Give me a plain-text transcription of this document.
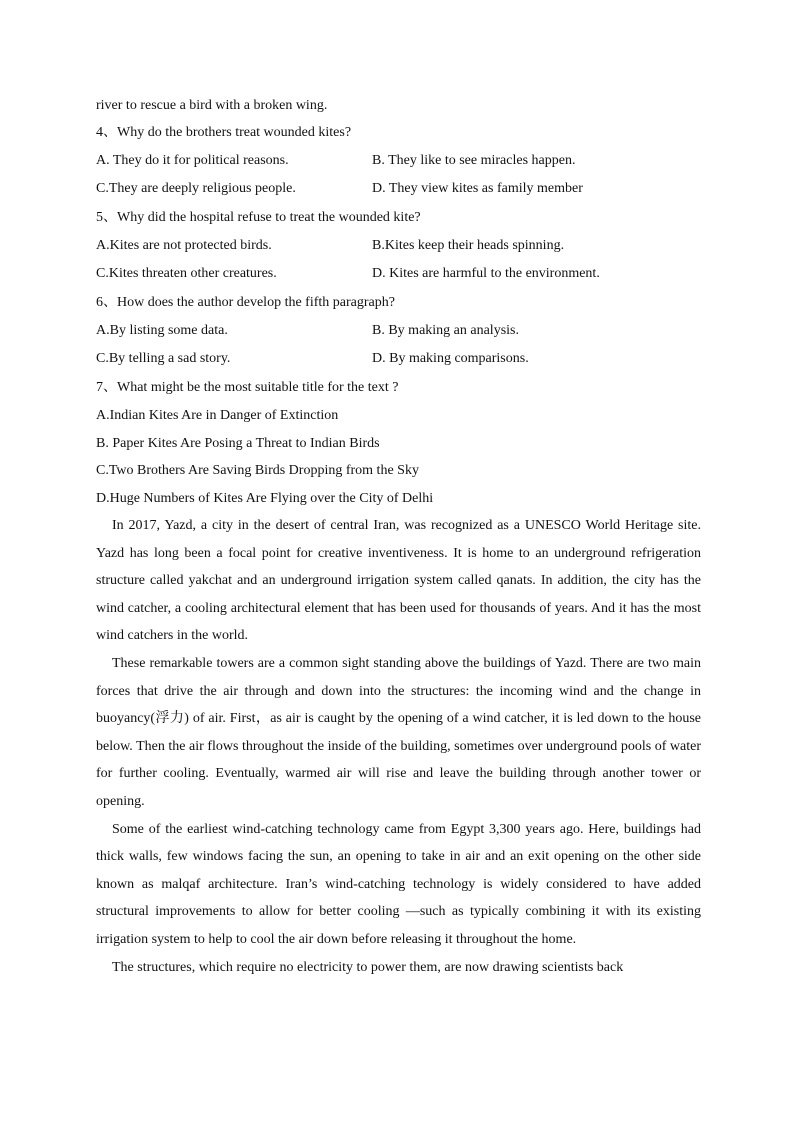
river to rescue a bird with a broken wing.
4、Why do the brothers treat wounded kites?
A. They do it for political reasons.	B. They like to see miracles happen.
C.They are deeply religious people.	D. They view kites as family member
5、Why did the hospital refuse to treat the wounded kite?
A.Kites are not protected birds.	B.Kites keep their heads spinning.
C.Kites threaten other creatures.	D. Kites are harmful to the environment.
6、How does the author develop the fifth paragraph?
A.By listing some data.	B. By making an analysis.
C.By telling a sad story.	D. By making comparisons.
7、What might be the most suitable title for the text ?
A.Indian Kites Are in Danger of Extinction
B. Paper Kites Are Posing a Threat to Indian Birds
C.Two Brothers Are Saving Birds Dropping from the Sky
D.Huge Numbers of Kites Are Flying over the City of Delhi

In 2017, Yazd, a city in the desert of central Iran, was recognized as a UNESCO World Heritage site. Yazd has long been a focal point for creative inventiveness. It is home to an underground refrigeration structure called yakchat and an underground irrigation system called qanats. In addition, the city has the wind catcher, a cooling architectural element that has been used for thousands of years. And it has the most wind catchers in the world.

These remarkable towers are a common sight standing above the buildings of Yazd. There are two main forces that drive the air through and down into the structures: the incoming wind and the change in buoyancy(浮力) of air. First，as air is caught by the opening of a wind catcher, it is led down to the house below. Then the air flows throughout the inside of the building, sometimes over underground pools of water for further cooling. Eventually, warmed air will rise and leave the building through another tower or opening.

Some of the earliest wind-catching technology came from Egypt 3,300 years ago. Here, buildings had thick walls, few windows facing the sun, an opening to take in air and an exit opening on the other side known as malqaf architecture. Iran’s wind-catching technology is widely considered to have added structural improvements to allow for better cooling —such as typically combining it with its existing irrigation system to help to cool the air down before releasing it throughout the home.

The structures, which require no electricity to power them, are now drawing scientists back
